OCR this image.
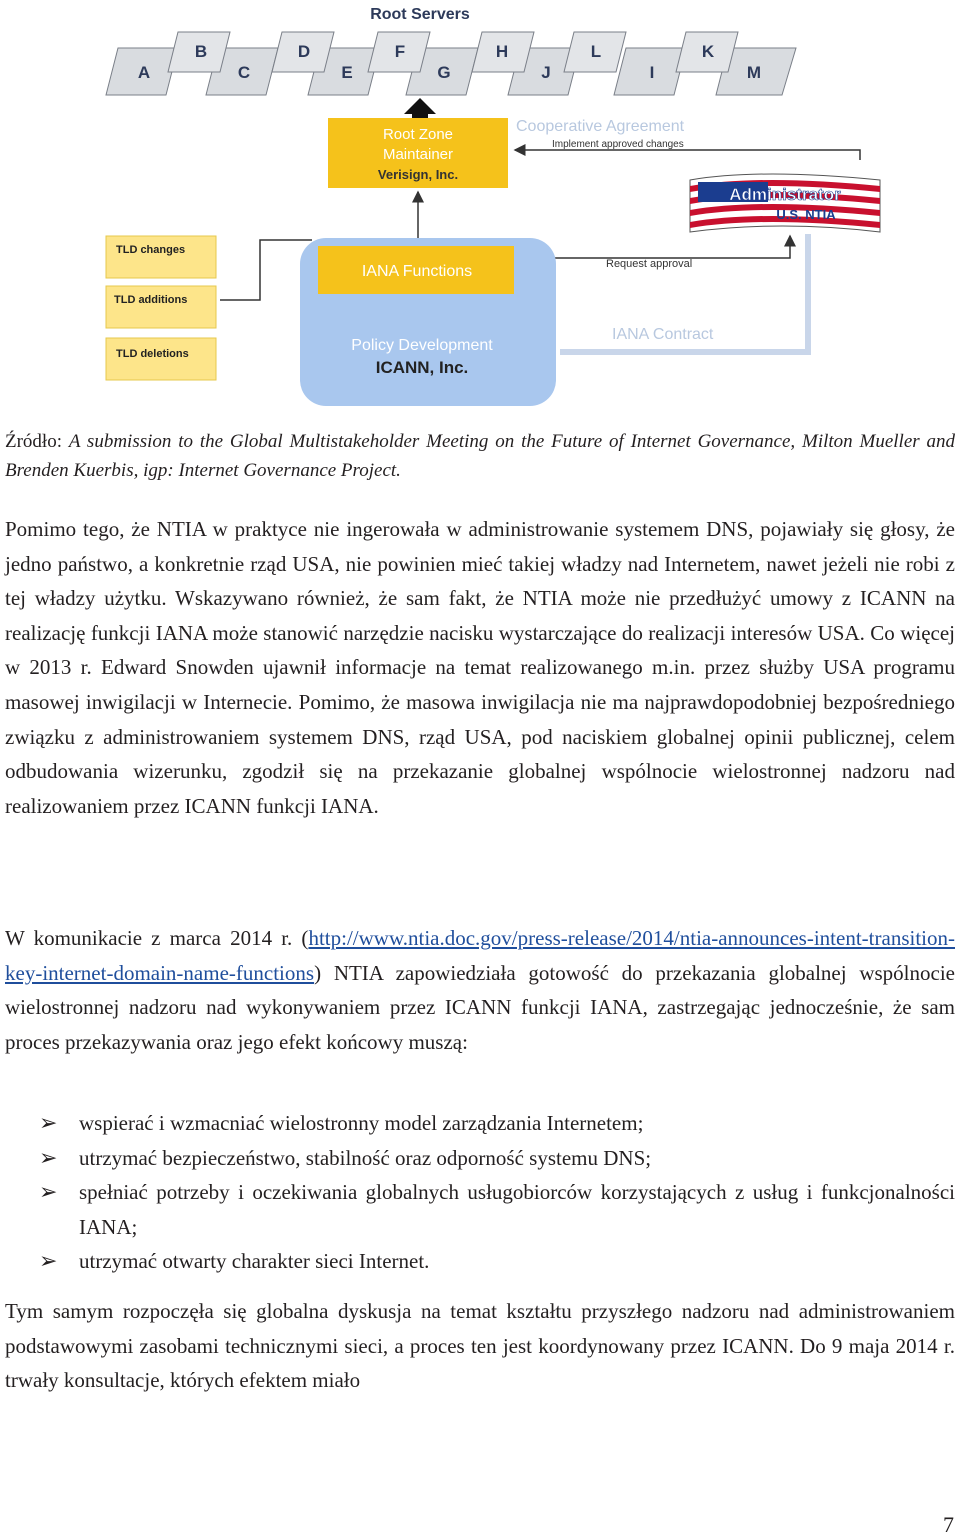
Root Servers
A	C	E	G	J	I	M
B	D	F	H	L	K
Root Zone
Maintainer
Verisign, Inc.
Cooperative Agreement
Implement approved changes
Administrator
U.S. NTIA
TLD changes
TLD additions
TLD deletions
Request approval
IANA Contract
IANA Functions
Policy Development
ICANN, Inc.

Źródło: A submission to the Global Multistakeholder Meeting on the Future of Internet Governance, Milton Mueller and Brenden Kuerbis, igp: Internet Governance Project.

Pomimo tego, że NTIA w praktyce nie ingerowała w administrowanie systemem DNS, pojawiały się głosy, że jedno państwo, a konkretnie rząd USA, nie powinien mieć takiej władzy nad Internetem, nawet jeżeli nie robi z tej władzy użytku. Wskazywano również, że sam fakt, że NTIA może nie przedłużyć umowy z ICANN na realizację funkcji IANA może stanowić narzędzie nacisku wystarczające do realizacji interesów USA. Co więcej w 2013 r. Edward Snowden ujawnił informacje na temat realizowanego m.in. przez służby USA programu masowej inwigilacji w Internecie. Pomimo, że masowa inwigilacja nie ma najprawdopodobniej bezpośredniego związku z administrowaniem systemem DNS, rząd USA, pod naciskiem globalnej opinii publicznej, celem odbudowania wizerunku, zgodził się na przekazanie globalnej wspólnocie wielostronnej nadzoru nad realizowaniem przez ICANN funkcji IANA.

W komunikacie z marca 2014 r. (http://www.ntia.doc.gov/press-release/2014/ntia-announces-intent-transition-key-internet-domain-name-functions) NTIA zapowiedziała gotowość do przekazania globalnej wspólnocie wielostronnej nadzoru nad wykonywaniem przez ICANN funkcji IANA, zastrzegając jednocześnie, że sam proces przekazywania oraz jego efekt końcowy muszą:

➢ wspierać i wzmacniać wielostronny model zarządzania Internetem;
➢ utrzymać bezpieczeństwo, stabilność oraz odporność systemu DNS;
➢ spełniać potrzeby i oczekiwania globalnych usługobiorców korzystających z usług i funkcjonalności IANA;
➢ utrzymać otwarty charakter sieci Internet.

Tym samym rozpoczęła się globalna dyskusja na temat kształtu przyszłego nadzoru nad administrowaniem podstawowymi zasobami technicznymi sieci, a proces ten jest koordynowany przez ICANN. Do 9 maja 2014 r. trwały konsultacje, których efektem miało

7
